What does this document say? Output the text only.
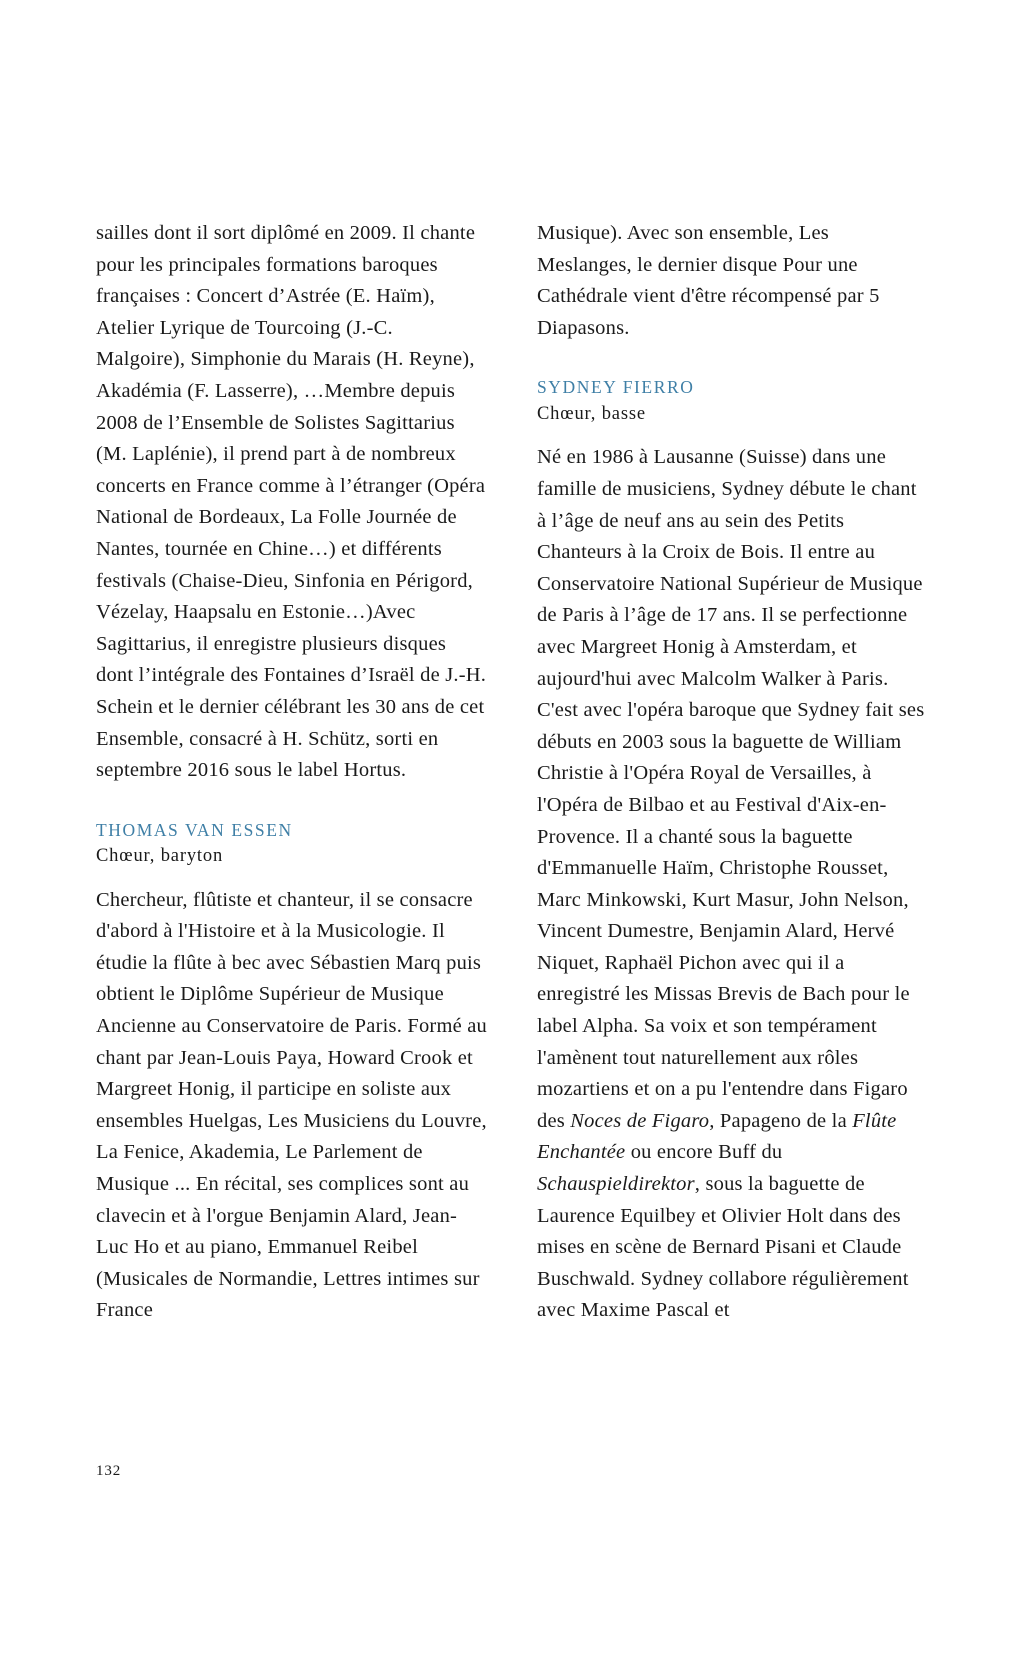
sailles dont il sort diplômé en 2009. Il chante pour les principales formations baroques françaises : Concert d’Astrée (E. Haïm), Atelier Lyrique de Tourcoing (J.-C. Malgoire), Simphonie du Marais (H. Reyne), Akadémia (F. Lasserre), …Membre depuis 2008 de l’Ensemble de Solistes Sagittarius (M. Laplénie), il prend part à de nombreux concerts en France comme à l’étranger (Opéra National de Bordeaux, La Folle Journée de Nantes, tournée en Chine…) et différents festivals (Chaise-Dieu, Sinfonia en Périgord, Vézelay, Haapsalu en Estonie…)Avec Sagittarius, il enregistre plusieurs disques dont l’intégrale des Fontaines d’Israël de J.-H. Schein et le dernier célébrant les 30 ans de cet Ensemble, consacré à H. Schütz, sorti en septembre 2016 sous le label Hortus.

THOMAS VAN ESSEN
Chœur, baryton

Chercheur, flûtiste et chanteur, il se consacre d'abord à l'Histoire et à la Musicologie. Il étudie la flûte à bec avec Sébastien Marq puis obtient le Diplôme Supérieur de Musique Ancienne au Conservatoire de Paris. Formé au chant par Jean-Louis Paya, Howard Crook et Margreet Honig, il participe en soliste aux ensembles Huelgas, Les Musiciens du Louvre, La Fenice, Akademia, Le Parlement de Musique ... En récital, ses complices sont au clavecin et à l'orgue Benjamin Alard, Jean-Luc Ho et au piano, Emmanuel Reibel (Musicales de Normandie, Lettres intimes sur France

Musique). Avec son ensemble, Les Meslanges, le dernier disque Pour une Cathédrale vient d'être récompensé par 5 Diapasons.

SYDNEY FIERRO
Chœur, basse

Né en 1986 à Lausanne (Suisse) dans une famille de musiciens, Sydney débute le chant à l’âge de neuf ans au sein des Petits Chanteurs à la Croix de Bois. Il entre au Conservatoire National Supérieur de Musique de Paris à l’âge de 17 ans. Il se perfectionne avec Margreet Honig à Amsterdam, et aujourd'hui avec Malcolm Walker à Paris. C'est avec l'opéra baroque que Sydney fait ses débuts en 2003 sous la baguette de William Christie à l'Opéra Royal de Versailles, à l'Opéra de Bilbao et au Festival d'Aix-en-Provence. Il a chanté sous la baguette d'Emmanuelle Haïm, Christophe Rousset, Marc Minkowski, Kurt Masur, John Nelson, Vincent Dumestre, Benjamin Alard, Hervé Niquet, Raphaël Pichon avec qui il a enregistré les Missas Brevis de Bach pour le label Alpha. Sa voix et son tempérament l'amènent tout naturellement aux rôles mozartiens et on a pu l'entendre dans Figaro des Noces de Figaro, Papageno de la Flûte Enchantée ou encore Buff du Schauspieldirektor, sous la baguette de Laurence Equilbey et Olivier Holt dans des mises en scène de Bernard Pisani et Claude Buschwald. Sydney collabore régulièrement avec Maxime Pascal et

132
